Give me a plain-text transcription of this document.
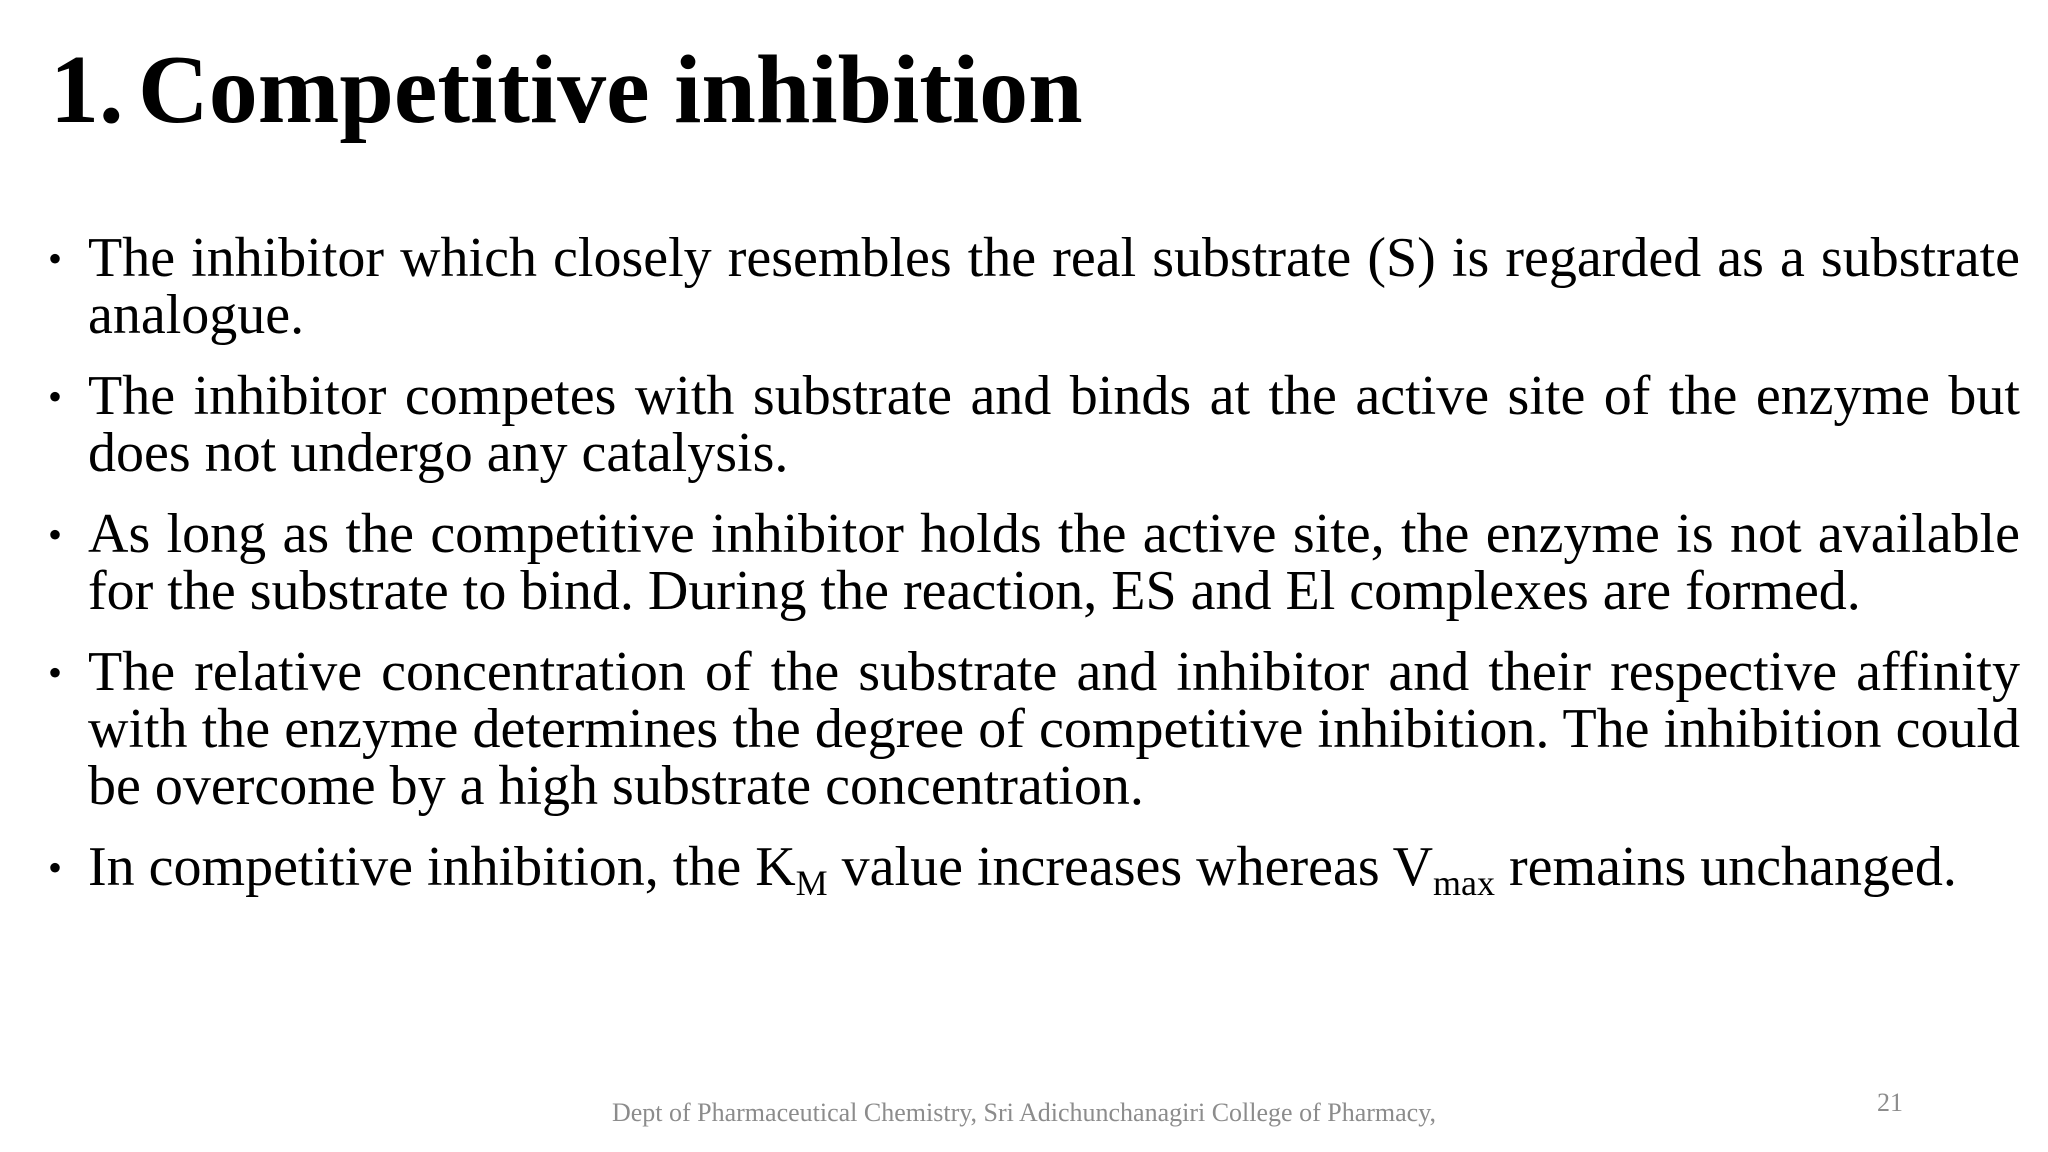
1. Competitive inhibition
• The inhibitor which closely resembles the real substrate (S) is regarded as a substrate analogue.
• The inhibitor competes with substrate and binds at the active site of the enzyme but does not undergo any catalysis.
• As long as the competitive inhibitor holds the active site, the enzyme is not available for the substrate to bind. During the reaction, ES and El complexes are formed.
• The relative concentration of the substrate and inhibitor and their respective affinity with the enzyme determines the degree of competitive inhibition. The inhibition could be overcome by a high substrate concentration.
• In competitive inhibition, the $K_M$ value increases whereas $V_{max}$ remains unchanged.
Dept of Pharmaceutical Chemistry, Sri Adichunchanagiri College of Pharmacy,	21
